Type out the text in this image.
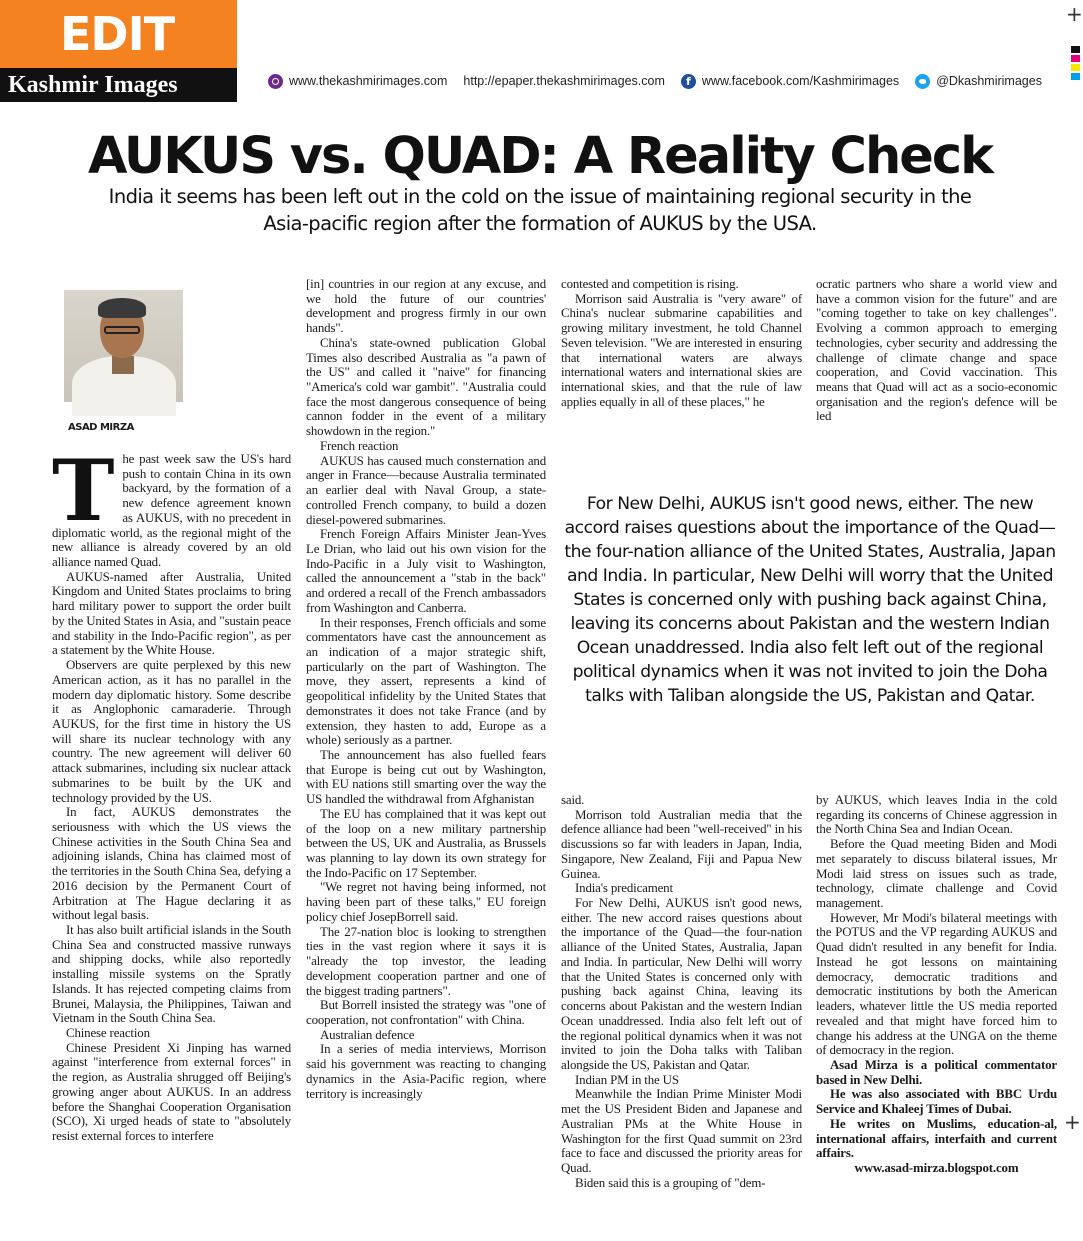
EDIT
Kashmir Images	www.thekashmirimages.com http://epaper.thekashmirimages.com	f www.facebook.com/Kashmirimages	@Dkashmirimages
+
AUKUS vs. QUAD: A Reality Check
India it seems has been left out in the cold on the issue of maintaining regional security in the Asia-pacific region after the formation of AUKUS by the USA.
ASAD MIRZA

The past week saw the US's hard push to contain China in its own backyard, by the formation of a new defence agreement known as AUKUS, with no precedent in diplomatic world, as the regional might of the new alliance is already covered by an old alliance named Quad.

AUKUS-named after Australia, United Kingdom and United States proclaims to bring hard military power to support the order built by the United States in Asia, and "sustain peace and stability in the Indo-Pacific region", as per a statement by the White House.

Observers are quite perplexed by this new American action, as it has no parallel in the modern day diplomatic history. Some describe it as Anglophonic camaraderie. Through AUKUS, for the first time in history the US will share its nuclear technology with any country. The new agreement will deliver 60 attack submarines, including six nuclear attack submarines to be built by the UK and technology provided by the US.

In fact, AUKUS demonstrates the seriousness with which the US views the Chinese activities in the South China Sea and adjoining islands, China has claimed most of the territories in the South China Sea, defying a 2016 decision by the Permanent Court of Arbitration at The Hague declaring it as without legal basis.

It has also built artificial islands in the South China Sea and constructed massive runways and shipping docks, while also reportedly installing missile systems on the Spratly Islands. It has rejected competing claims from Brunei, Malaysia, the Philippines, Taiwan and Vietnam in the South China Sea.

Chinese reaction

Chinese President Xi Jinping has warned against "interference from external forces" in the region, as Australia shrugged off Beijing's growing anger about AUKUS. In an address before the Shanghai Cooperation Organisation (SCO), Xi urged heads of state to "absolutely resist external forces to interfere

[in] countries in our region at any excuse, and we hold the future of our countries' development and progress firmly in our own hands".

China's state-owned publication Global Times also described Australia as "a pawn of the US" and called it "naive" for financing "America's cold war gambit". "Australia could face the most dangerous consequence of being cannon fodder in the event of a military showdown in the region."

French reaction

AUKUS has caused much consternation and anger in France—because Australia terminated an earlier deal with Naval Group, a state-controlled French company, to build a dozen diesel-powered submarines.

French Foreign Affairs Minister Jean-Yves Le Drian, who laid out his own vision for the Indo-Pacific in a July visit to Washington, called the announcement a "stab in the back" and ordered a recall of the French ambassadors from Washington and Canberra.

In their responses, French officials and some commentators have cast the announcement as an indication of a major strategic shift, particularly on the part of Washington. The move, they assert, represents a kind of geopolitical infidelity by the United States that demonstrates it does not take France (and by extension, they hasten to add, Europe as a whole) seriously as a partner.

The announcement has also fuelled fears that Europe is being cut out by Washington, with EU nations still smarting over the way the US handled the withdrawal from Afghanistan

The EU has complained that it was kept out of the loop on a new military partnership between the US, UK and Australia, as Brussels was planning to lay down its own strategy for the Indo-Pacific on 17 September.

"We regret not having being informed, not having been part of these talks," EU foreign policy chief JosepBorrell said.

The 27-nation bloc is looking to strengthen ties in the vast region where it says it is "already the top investor, the leading development cooperation partner and one of the biggest trading partners".

But Borrell insisted the strategy was "one of cooperation, not confrontation" with China.

Australian defence

In a series of media interviews, Morrison said his government was reacting to changing dynamics in the Asia-Pacific region, where territory is increasingly

contested and competition is rising.

Morrison said Australia is "very aware" of China's nuclear submarine capabilities and growing military investment, he told Channel Seven television. "We are interested in ensuring that international waters are always international waters and international skies are international skies, and that the rule of law applies equally in all of these places," he

ocratic partners who share a world view and have a common vision for the future" and are "coming together to take on key challenges". Evolving a common approach to emerging technologies, cyber security and addressing the challenge of climate change and space cooperation, and Covid vaccination. This means that Quad will act as a socio-economic organisation and the region's defence will be led

For New Delhi, AUKUS isn't good news, either. The new accord raises questions about the importance of the Quad—the four-nation alliance of the United States, Australia, Japan and India. In particular, New Delhi will worry that the United States is concerned only with pushing back against China, leaving its concerns about Pakistan and the western Indian Ocean unaddressed. India also felt left out of the regional political dynamics when it was not invited to join the Doha talks with Taliban alongside the US, Pakistan and Qatar.

said.

Morrison told Australian media that the defence alliance had been "well-received" in his discussions so far with leaders in Japan, India, Singapore, New Zealand, Fiji and Papua New Guinea.

India's predicament

For New Delhi, AUKUS isn't good news, either. The new accord raises questions about the importance of the Quad—the four-nation alliance of the United States, Australia, Japan and India. In particular, New Delhi will worry that the United States is concerned only with pushing back against China, leaving its concerns about Pakistan and the western Indian Ocean unaddressed. India also felt left out of the regional political dynamics when it was not invited to join the Doha talks with Taliban alongside the US, Pakistan and Qatar.

Indian PM in the US

Meanwhile the Indian Prime Minister Modi met the US President Biden and Japanese and Australian PMs at the White House in Washington for the first Quad summit on 23rd face to face and discussed the priority areas for Quad.

Biden said this is a grouping of "dem-

by AUKUS, which leaves India in the cold regarding its concerns of Chinese aggression in the North China Sea and Indian Ocean.

Before the Quad meeting Biden and Modi met separately to discuss bilateral issues, Mr Modi laid stress on issues such as trade, technology, climate challenge and Covid management.

However, Mr Modi's bilateral meetings with the POTUS and the VP regarding AUKUS and Quad didn't resulted in any benefit for India. Instead he got lessons on maintaining democracy, democratic traditions and democratic institutions by both the American leaders, whatever little the US media reported revealed and that might have forced him to change his address at the UNGA on the theme of democracy in the region.

Asad Mirza is a political commentator based in New Delhi.

He was also associated with BBC Urdu Service and Khaleej Times of Dubai.

He writes on Muslims, education-al, international affairs, interfaith and current affairs.

www.asad-mirza.blogspot.com

+
